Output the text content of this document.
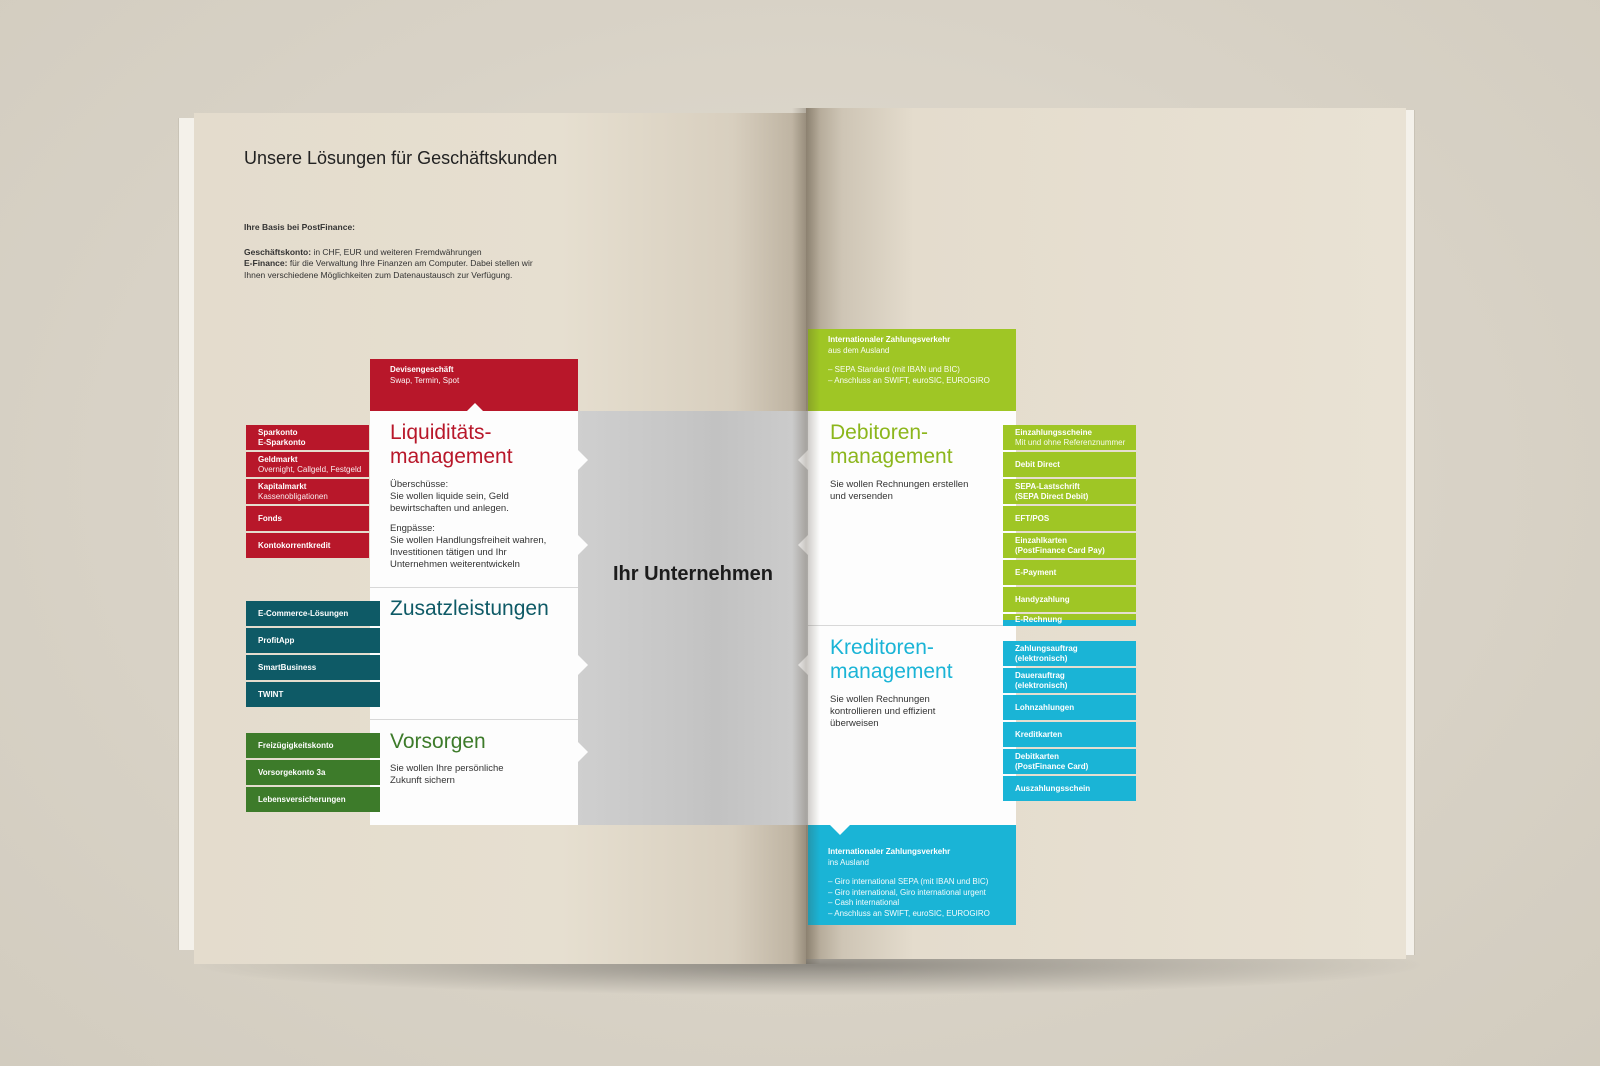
Unsere Lösungen für Geschäftskunden
Ihre Basis bei PostFinance:
Geschäftskonto: in CHF, EUR und weiteren Fremdwährungen
E-Finance: für die Verwaltung Ihre Finanzen am Computer. Dabei stellen wir
Ihnen verschiedene Möglichkeiten zum Datenaustausch zur Verfügung.
Devisengeschäft
Swap, Termin, Spot
Internationaler Zahlungsverkehr
aus dem Ausland
– SEPA Standard (mit IBAN und BIC)
– Anschluss an SWIFT, euroSIC, EUROGIRO
Ihr Unternehmen
Liquiditäts-
management
Überschüsse:
Sie wollen liquide sein, Geld
bewirtschaften und anlegen.
Engpässe:
Sie wollen Handlungsfreiheit wahren,
Investitionen tätigen und Ihr
Unternehmen weiterentwickeln
Zusatzleistungen
Vorsorgen
Sie wollen Ihre persönliche
Zukunft sichern
Debitoren-
management
Sie wollen Rechnungen erstellen
und versenden
Kreditoren-
management
Sie wollen Rechnungen
kontrollieren und effizient
überweisen
Sparkonto
E-Sparkonto
Geldmarkt
Overnight, Callgeld, Festgeld
Kapitalmarkt
Kassenobligationen
Fonds
Kontokorrentkredit
E-Commerce-Lösungen
ProfitApp
SmartBusiness
TWINT
Freizügigkeitskonto
Vorsorgekonto 3a
Lebensversicherungen
Einzahlungsscheine
Mit und ohne Referenznummer
Debit Direct
SEPA-Lastschrift
(SEPA Direct Debit)
EFT/POS
Einzahlkarten
(PostFinance Card Pay)
E-Payment
Handyzahlung
E-Rechnung
Zahlungsauftrag
(elektronisch)
Dauerauftrag
(elektronisch)
Lohnzahlungen
Kreditkarten
Debitkarten
(PostFinance Card)
Auszahlungsschein
Internationaler Zahlungsverkehr
ins Ausland
– Giro international SEPA (mit IBAN und BIC)
– Giro international, Giro international urgent
– Cash international
– Anschluss an SWIFT, euroSIC, EUROGIRO
